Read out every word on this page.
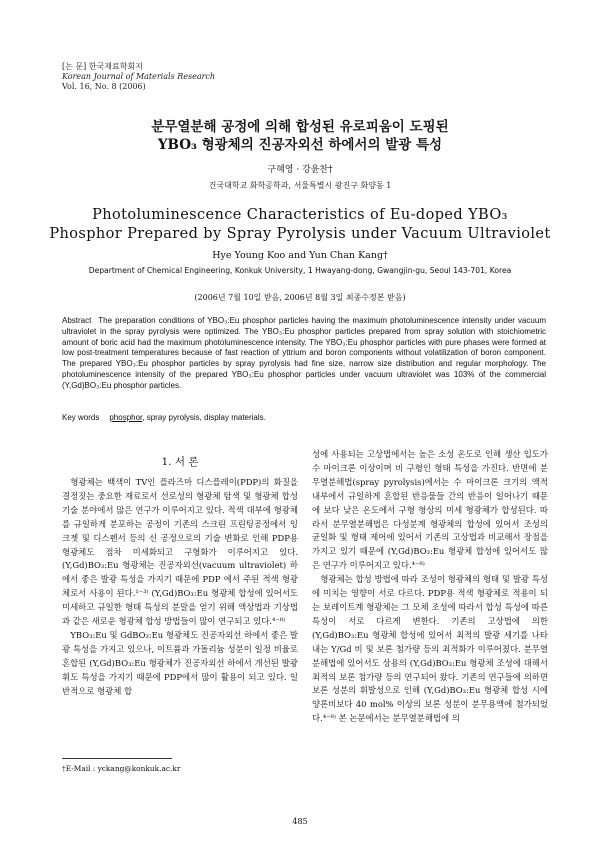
[논 문] 한국재료학회지
Korean Journal of Materials Research
Vol. 16, No. 8 (2006)
분무열분해 공정에 의해 합성된 유로피움이 도핑된
YBO₃ 형광체의 진공자외선 하에서의 발광 특성
구혜영 · 강윤찬†
건국대학교 화학공학과, 서울특별시 광진구 화양동 1
Photoluminescence Characteristics of Eu-doped YBO₃
Phosphor Prepared by Spray Pyrolysis under Vacuum Ultraviolet
Hye Young Koo and Yun Chan Kang†
Department of Chemical Engineering, Konkuk University, 1 Hwayang-dong, Gwangjin-gu, Seoul 143-701, Korea
(2006년 7월 10일 받음, 2006년 8월 3일 최종수정본 받음)
Abstract The preparation conditions of YBO₃:Eu phosphor particles having the maximum photoluminescence intensity under vacuum ultraviolet in the spray pyrolysis were optimized. The YBO₃:Eu phosphor particles prepared from spray solution with stoichiometric amount of boric acid had the maximum photoluminescence intensity. The YBO₃:Eu phosphor particles with pure phases were formed at low post-treatment temperatures because of fast reaction of yttrium and boron components without volatilization of boron component. The prepared YBO₃:Eu phosphor particles by spray pyrolysis had fine size, narrow size distribution and regular morphology. The photoluminescence intensity of the prepared YBO₃:Eu phosphor particles under vacuum ultraviolet was 103% of the commercial (Y,Gd)BO₃:Eu phosphor particles.
Key words phosphor, spray pyrolysis, display materials.
1. 서 론

형광체는 백색이 TV인 플라즈마 디스플레이(PDP)의 화질을 결정짓는 중요한 재료로서 선로성의 형광체 탐색 및 형광체 합성기술 분야에서 많은 연구가 이루어지고 있다. 적색 대부에 형광체를 규일하게 분포하는 공정이 기존의 스크린 프린팅공정에서 잉크젯 및 디스펜서 등의 신 공정으로의 기술 변화로 인해 PDP용 형광체도 점차 미세화되고 구형화가 이루어지고 있다. (Y,Gd)BO₃:Eu 형광체는 진공자외선(vacuum ultraviolet) 하에서 좋은 발광 특성을 가지기 때문에 PDP 에서 주된 적색 형광체로서 사용이 된다.¹⁻³⁾ (Y,Gd)BO₃:Eu 형광체 합성에 있어서도 미세하고 규일한 형태 특성의 분말을 얻기 위해 액상법과 기상법과 같은 새로운 형광체 합성 방법들이 많이 연구되고 있다.⁴⁻⁸⁾

YBO₃:Eu 및 GdBO₃:Eu 형광체도 진공자외선 하에서 좋은 발광 특성을 가지고 있으나, 이트륨과 가돌리늄 성분이 일정 비율로 혼합된 (Y,Gd)BO₃:Eu 형광체가 진공자외선 하에서 개선된 발광 휘도 특성을 가지기 때문에 PDP에서 많이 활용이 되고 있다. 일반적으로 형광체 합

성에 사용되는 고상법에서는 높은 소성 온도로 인해 생산 입도가 수 마이크론 이상이며 비 구형인 형태 특성을 가진다. 반면에 분무열분해법(spray pyrolysis)에서는 수 마이크론 크기의 액적 내부에서 규일하게 혼합된 반응물들 간의 반응이 일어나기 때문에 보다 낮은 온도에서 구형 형상의 미세 형광체가 합성된다. 따라서 분무열분해법은 다성분계 형광체의 합성에 있어서 조성의 균일화 및 형태 제어에 있어서 기존의 고상법과 비교해서 장점을 가지고 있기 때문에 (Y,Gd)BO₃:Eu 형광체 합성에 있어서도 많은 연구가 이루어지고 있다.⁴⁻⁸⁾

형광체는 합성 방법에 따라 조성이 형광체의 형태 및 발광 특성에 미치는 영향이 서로 다르다. PDP용 적색 형광체로 적용이 되는 보레이트계 형광체는 그 모체 조성에 따라서 합성 특성에 따른 특성이 서로 다르게 변한다. 기존의 고상법에 의한 (Y,Gd)BO₃:Eu 형광체 합성에 있어서 최적의 발광 세기를 나타내는 Y/Gd 비 및 보론 첨가량 등의 최적화가 이루어졌다. 분무열분해법에 있어서도 상용의 (Y,Gd)BO₃:Eu 형광체 조성에 대해서 최적의 보론 첨가량 등의 연구되어 왔다. 기존의 연구들에 의하면 보론 성분의 휘발성으로 인해 (Y,Gd)BO₃:Eu 형광체 합성 시에 양론비보다 40 mol% 이상의 보론 성분이 분무용액에 첨가되었다.⁴⁻⁸⁾ 본 논문에서는 분무열분해법에 의

†E-Mail : yckang@konkuk.ac.kr
485
